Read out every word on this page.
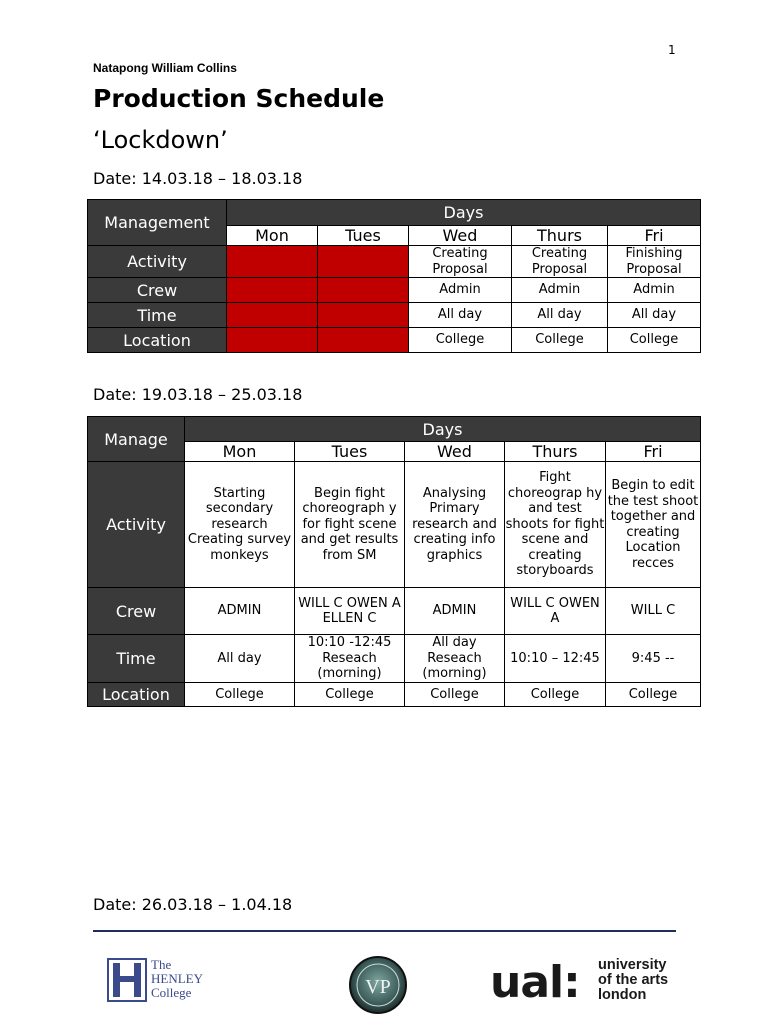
1
Natapong William Collins
Production Schedule
‘Lockdown’
Date: 14.03.18 – 18.03.18
Management	Days				
	Mon	Tues	Wed	Thurs	Fri
Activity			Creating Proposal	Creating Proposal	Finishing Proposal
Crew			Admin	Admin	Admin
Time			All day	All day	All day
Location			College	College	College
Date: 19.03.18 – 25.03.18
Manage	Days				
	Mon	Tues	Wed	Thurs	Fri
Activity	Starting secondary research Creating survey monkeys	Begin fight choreograph y for fight scene and get results from SM	Analysing Primary research and creating info graphics	Fight choreograp hy and test shoots for fight scene and creating storyboards	Begin to edit the test shoot together and creating Location recces
Crew	ADMIN	WILL C OWEN A ELLEN C	ADMIN	WILL C OWEN A	WILL C
Time	All day	10:10 -12:45 Reseach (morning)	All day Reseach (morning)	10:10 – 12:45	9:45 --
Location	College	College	College	College	College
Date: 26.03.18 – 1.04.18
The HENLEY College	VP ual: university of the arts london
